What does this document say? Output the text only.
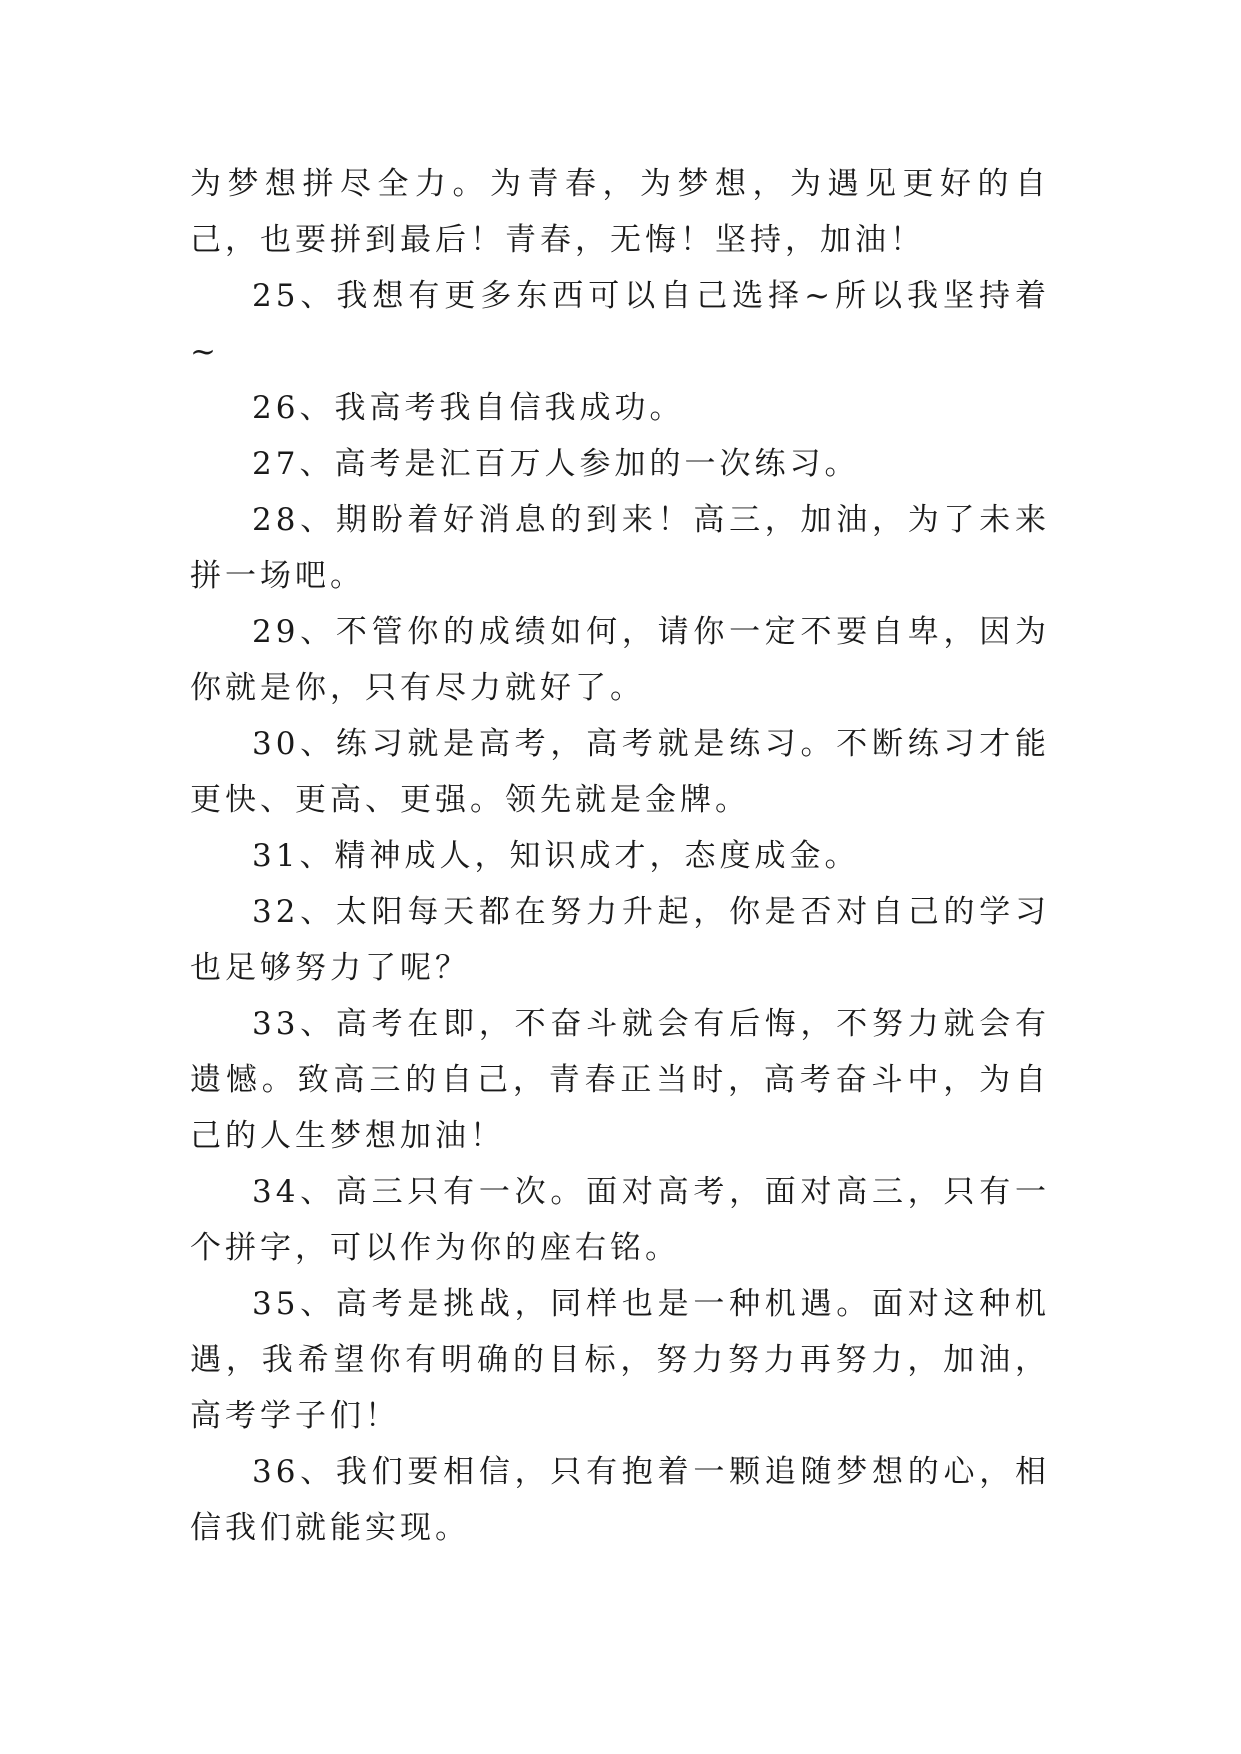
为梦想拼尽全力。为青春，为梦想，为遇见更好的自己，也要拼到最后！青春，无悔！坚持，加油！

25、我想有更多东西可以自己选择~所以我坚持着~

26、我高考我自信我成功。

27、高考是汇百万人参加的一次练习。

28、期盼着好消息的到来！高三，加油，为了未来拼一场吧。

29、不管你的成绩如何，请你一定不要自卑，因为你就是你，只有尽力就好了。

30、练习就是高考，高考就是练习。不断练习才能更快、更高、更强。领先就是金牌。

31、精神成人，知识成才，态度成金。

32、太阳每天都在努力升起，你是否对自己的学习也足够努力了呢？

33、高考在即，不奋斗就会有后悔，不努力就会有遗憾。致高三的自己，青春正当时，高考奋斗中，为自己的人生梦想加油！

34、高三只有一次。面对高考，面对高三，只有一个拼字，可以作为你的座右铭。

35、高考是挑战，同样也是一种机遇。面对这种机遇，我希望你有明确的目标，努力努力再努力，加油，高考学子们！

36、我们要相信，只有抱着一颗追随梦想的心，相信我们就能实现。
